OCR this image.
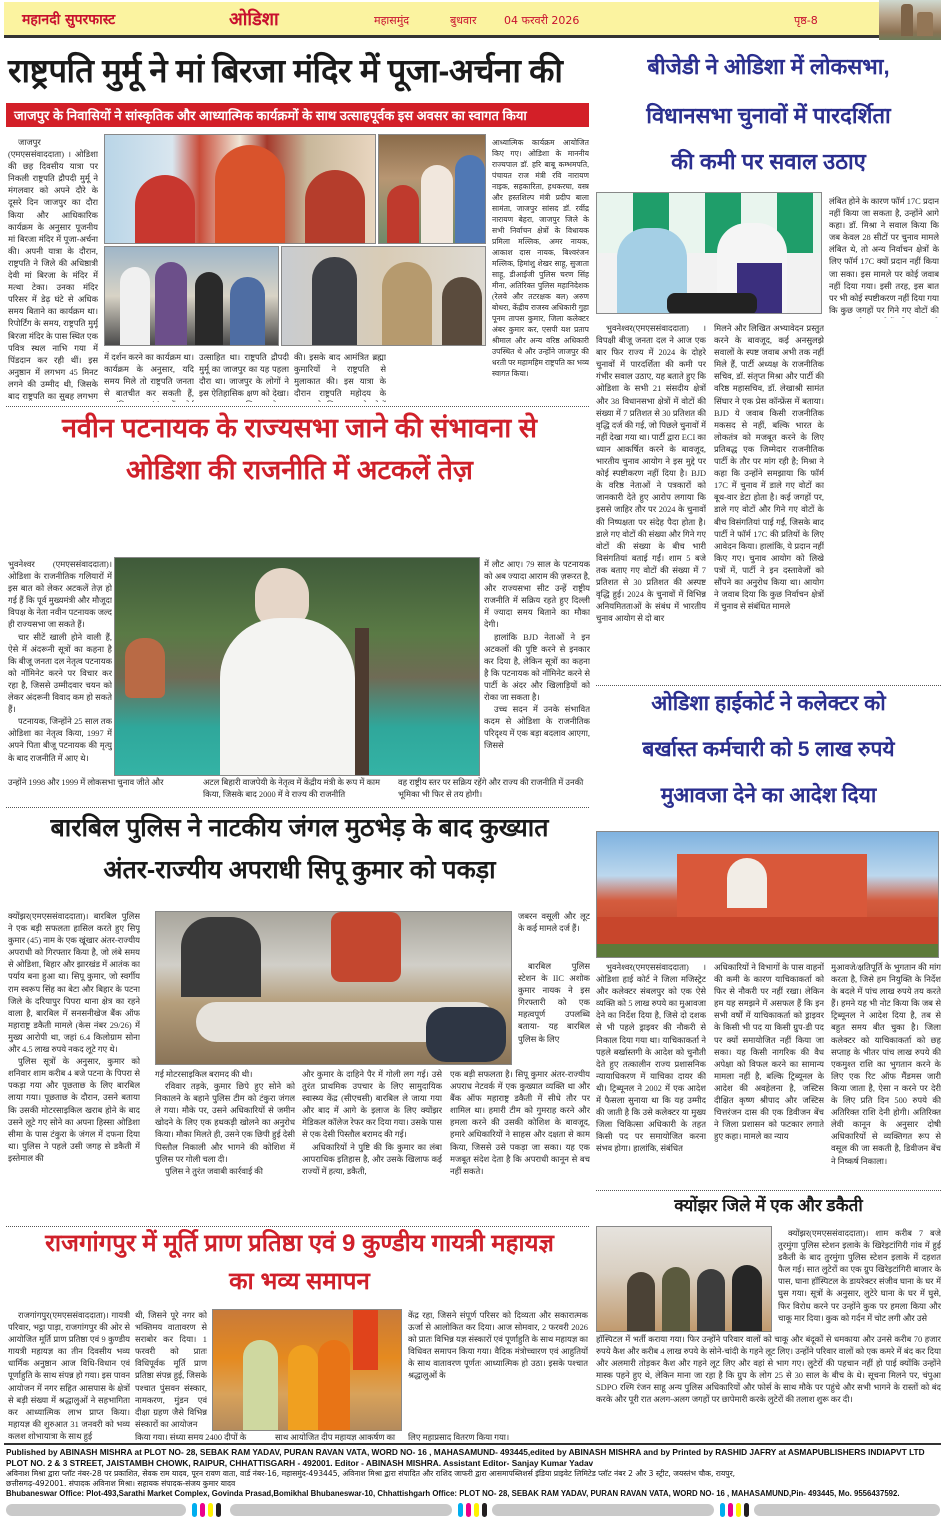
महानदी सुपरफास्ट	ओडिशा	महासमुंद	बुधवार 04 फरवरी 2026	पृष्ठ-8
राष्ट्रपति मुर्मू ने मां बिरजा मंदिर में पूजा-अर्चना की
जाजपुर के निवासियों ने सांस्कृतिक और आध्यात्मिक कार्यक्रमों के साथ उत्साहपूर्वक इस अवसर का स्वागत किया

जाजपुर (एमएससंवाददाता) । ओडिशा की छह दिवसीय यात्रा पर निकली राष्ट्रपति द्रौपदी मुर्मू ने मंगलवार को अपने दौरे के दूसरे दिन जाजपुर का दौरा किया और आधिकारिक कार्यक्रम के अनुसार पूजनीय मां बिरजा मंदिर में पूजा-अर्चना की। अपनी यात्रा के दौरान, राष्ट्रपति ने जिले की अधिष्ठात्री देवी मां बिरजा के मंदिर में मत्था टेका। उनका मंदिर परिसर में डेढ़ घंटे से अधिक समय बिताने का कार्यक्रम था। रिपोर्टिंग के समय, राष्ट्रपति मुर्मू बिरजा मंदिर के पास स्थित एक पवित्र स्थल नाभि गया में पिंडदान कर रही थीं। इस अनुष्ठान में लगभग 45 मिनट लगने की उम्मीद थी, जिसके बाद राष्ट्रपति का सुबह लगभग

में दर्शन करने का कार्यक्रम था। कार्यक्रम के अनुसार, यदि समय मिले तो राष्ट्रपति जनता से बातचीत कर सकती हैं,

उत्साहित था। राष्ट्रपति द्रौपदी मुर्मू का जाजपुर का यह पहला दौरा था। जाजपुर के लोगों ने इस ऐतिहासिक क्षण को देखा।

की। इसके बाद आमंत्रित ब्रह्मा कुमारियों ने राष्ट्रपति से मुलाकात की। इस यात्रा के दौरान राष्ट्रपति महोदय के

आध्यात्मिक कार्यक्रम आयोजित किए गए। ओडिशा के माननीय राज्यपाल डॉ. हरि बाबू कम्भमपति, पंचायत राज मंत्री रवि नारायण नाइक, सहकारिता, हथकरघा, वस्त्र और हस्तशिल्प मंत्री प्रदीप बाला सामंता, जाजपुर सांसद डॉ. रवींद्र नारायण बेहरा, जाजपुर जिले के सभी निर्वाचन क्षेत्रों के विधायक प्रमिला मल्लिक, अमर नायक, आकाश दास नायक, बिश्वरंजन मल्लिक, हिमांशु शेखर साहू, सुजाता साहू, डीआईजी पुलिस चरण सिंह मीना, अतिरिक्त पुलिस महानिदेशक (रेलवे और तटरक्षक बल) अरुण बोथरा, केंद्रीय राजस्व अधिकारी गुहा पूनम तापस कुमार, जिला कलेक्टर अंबर कुमार कर, एसपी यश प्रताप श्रीमाल और अन्य वरिष्ठ अधिकारी उपस्थित थे और उन्होंने जाजपुर की धरती पर महामहिम राष्ट्रपति का भव्य स्वागत किया।

नवीन पटनायक के राज्यसभा जाने की संभावना से
ओडिशा की राजनीति में अटकलें तेज़

भुवनेश्वर (एमएससंवाददाता)। ओडिशा के राजनीतिक गलियारों में इस बात को लेकर अटकलें तेज़ हो गई हैं कि पूर्व मुख्यमंत्री और मौजूदा विपक्ष के नेता नवीन पटनायक जल्द ही राज्यसभा जा सकते हैं।

चार सीटें खाली होने वाली हैं, ऐसे में अंदरूनी सूत्रों का कहना है कि बीजू जनता दल नेतृत्व पटनायक को नॉमिनेट करने पर विचार कर रहा है, जिससे उम्मीदवार चयन को लेकर अंदरूनी विवाद कम हो सकते हैं।

पटनायक, जिन्होंने 25 साल तक ओडिशा का नेतृत्व किया, 1997 में अपने पिता बीजू पटनायक की मृत्यु के बाद राजनीति में आए थे।

में लौट आए। 79 साल के पटनायक को अब ज्यादा आराम की ज़रूरत है, और राज्यसभा सीट उन्हें राष्ट्रीय राजनीति में सक्रिय रहते हुए दिल्ली में ज्यादा समय बिताने का मौका देगी।

हालांकि BJD नेताओं ने इन अटकलों की पुष्टि करने से इनकार कर दिया है, लेकिन सूत्रों का कहना है कि पटनायक को नॉमिनेट करने से पार्टी के अंदर और खिलाड़ियों को रोका जा सकता है।

उच्च सदन में उनके संभावित कदम से ओडिशा के राजनीतिक परिदृश्य में एक बड़ा बदलाव आएगा, जिससे

उन्होंने 1998 और 1999 में लोकसभा चुनाव जीते और	अटल बिहारी वाजपेयी के नेतृत्व में केंद्रीय मंत्री के रूप में काम किया, जिसके बाद 2000 में वे राज्य की राजनीति
वह राष्ट्रीय स्तर पर सक्रिय रहेंगे और राज्य की राजनीति में उनकी भूमिका भी फिर से तय होगी।
बारबिल पुलिस ने नाटकीय जंगल मुठभेड़ के बाद कुख्यात
अंतर-राज्यीय अपराधी सिपू कुमार को पकड़ा

क्योंझर(एमएससंवाददाता)। बारबिल पुलिस ने एक बड़ी सफलता हासिल करते हुए सिपू कुमार (45) नाम के एक खूंखार अंतर-राज्यीय अपराधी को गिरफ्तार किया है, जो लंबे समय से ओडिशा, बिहार और झारखंड में आतंक का पर्याय बना हुआ था। सिपू कुमार, जो स्वर्गीय राम स्वरूप सिंह का बेटा और बिहार के पटना जिले के दरियापुर पिपरा थाना क्षेत्र का रहने वाला है, बारबिल में सनसनीखेज बैंक ऑफ महाराष्ट्र डकैती मामले (केस नंबर 29/26) में मुख्य आरोपी था, जहां 6.4 किलोग्राम सोना और 4.5 लाख रुपये नकद लूटे गए थे।

पुलिस सूत्रों के अनुसार, कुमार को शनिवार शाम करीब 4 बजे पटना के पिपरा से पकड़ा गया और पूछताछ के लिए बारबिल लाया गया। पूछताछ के दौरान, उसने बताया कि उसकी मोटरसाइकिल खराब होने के बाद उसने लूटे गए सोने का अपना हिस्सा ओडिशा सीमा के पास टंकुरा के जंगल में दफना दिया था। पुलिस ने पहले उसी जगह से डकैती में इस्तेमाल की

जबरन वसूली और लूट के कई मामले दर्ज हैं।

बारबिल पुलिस स्टेशन के IIC अशोक कुमार नायक ने इस गिरफ्तारी को एक महत्वपूर्ण उपलब्धि बताया- यह बारबिल पुलिस के लिए

गई मोटरसाइकिल बरामद की थी।

रविवार तड़के, कुमार छिपे हुए सोने को निकालने के बहाने पुलिस टीम को टंकुरा जंगल ले गया। मौके पर, उसने अधिकारियों से जमीन खोदने के लिए एक हथकड़ी खोलने का अनुरोध किया। मौका मिलते ही, उसने एक छिपी हुई देसी पिस्तौल निकाली और भागने की कोशिश में पुलिस पर गोली चला दी।

पुलिस ने तुरंत जवाबी कार्रवाई की

और कुमार के दाहिने पैर में गोली लग गई। उसे तुरंत प्राथमिक उपचार के लिए सामुदायिक स्वास्थ्य केंद्र (सीएचसी) बारबिल ले जाया गया और बाद में आगे के इलाज के लिए क्योंझर मेडिकल कॉलेज रेफर कर दिया गया। उसके पास से एक देसी पिस्तौल बरामद की गई।

अधिकारियों ने पुष्टि की कि कुमार का लंबा आपराधिक इतिहास है, और उसके खिलाफ कई राज्यों में हत्या, डकैती,

एक बड़ी सफलता है। सिपू कुमार अंतर-राज्यीय अपराध नेटवर्क में एक कुख्यात व्यक्ति था और बैंक ऑफ महाराष्ट्र डकैती में सीधे तौर पर शामिल था। हमारी टीम को गुमराह करने और हमला करने की उसकी कोशिश के बावजूद, हमारे अधिकारियों ने साहस और दक्षता से काम किया, जिससे उसे पकड़ा जा सका। यह एक मजबूत संदेश देता है कि अपराधी कानून से बच नहीं सकते।

राजगांगपुर में मूर्ति प्राण प्रतिष्ठा एवं 9 कुण्डीय गायत्री महायज्ञ
का भव्य समापन

राजगांगपुर(एमएससंवाददाता)। गायत्री परिवार, भट्ठा पाड़ा, राजगांगपुर की ओर से आयोजित मूर्ति प्राण प्रतिष्ठा एवं 9 कुण्डीय गायत्री महायज्ञ का तीन दिवसीय भव्य धार्मिक अनुष्ठान आज विधि-विधान एवं पूर्णाहुति के साथ संपन्न हो गया। इस पावन आयोजन में नगर सहित आसपास के क्षेत्रों से बड़ी संख्या में श्रद्धालुओं ने सहभागिता कर आध्यात्मिक लाभ प्राप्त किया। महायज्ञ की शुरुआत 31 जनवरी को भव्य कलश शोभायात्रा के साथ हुई

थी, जिसने पूरे नगर को भक्तिमय वातावरण से सराबोर कर दिया। 1 फरवरी को प्रातः विधिपूर्वक मूर्ति प्राण प्रतिष्ठा संपन्न हुई, जिसके पश्चात पुंसवन संस्कार, नामकरण, मुंडन एवं दीक्षा ग्रहण जैसे विभिन्न संस्कारों का आयोजन

केंद्र रहा, जिसने संपूर्ण परिसर को दिव्यता और सकारात्मक ऊर्जा से आलोकित कर दिया। आज सोमवार, 2 फरवरी 2026 को प्रातः विभिन्न यज्ञ संस्कारों एवं पूर्णाहुति के साथ महायज्ञ का विधिवत समापन किया गया। वैदिक मंत्रोच्चारण एवं आहुतियों के साथ वातावरण पूर्णतः आध्यात्मिक हो उठा। इसके पश्चात श्रद्धालुओं के

किया गया। संध्या समय 2400 दीपों के	साथ आयोजित दीप महायज्ञ आकर्षण का	लिए महाप्रसाद वितरण किया गया।
बीजेडी ने ओडिशा में लोकसभा,
विधानसभा चुनावों में पारदर्शिता
की कमी पर सवाल उठाए

लंबित होने के कारण फॉर्म 17C प्रदान नहीं किया जा सकता है, उन्होंने आगे कहा। डॉ. मिश्रा ने सवाल किया कि जब केवल 28 सीटों पर चुनाव मामले लंबित थे, तो अन्य निर्वाचन क्षेत्रों के लिए फॉर्म 17C क्यों प्रदान नहीं किया जा सका। इस मामले पर कोई जवाब नहीं दिया गया। इसी तरह, इस बात पर भी कोई स्पष्टीकरण नहीं दिया गया कि कुछ जगहों पर गिने गए वोटों की

भुवनेश्वर(एमएससंवाददाता) । विपक्षी बीजू जनता दल ने आज एक बार फिर राज्य में 2024 के दोहरे चुनावों में पारदर्शिता की कमी पर गंभीर सवाल उठाए, यह बताते हुए कि ओडिशा के सभी 21 संसदीय क्षेत्रों और 38 विधानसभा क्षेत्रों में वोटों की संख्या में 7 प्रतिशत से 30 प्रतिशत की वृद्धि दर्ज की गई, जो पिछले चुनावों में नहीं देखा गया था। पार्टी द्वारा ECI का ध्यान आकर्षित करने के बावजूद, भारतीय चुनाव आयोग ने इस मुद्दे पर कोई स्पष्टीकरण नहीं दिया है। BJD के वरिष्ठ नेताओं ने पत्रकारों को जानकारी देते हुए आरोप लगाया कि इससे जाहिर तौर पर 2024 के चुनावों की निष्पक्षता पर संदेह पैदा होता है। डाले गए वोटों की संख्या और गिने गए वोटों की संख्या के बीच भारी विसंगतियां बताई गईं। शाम 5 बजे तक बताए गए वोटों की संख्या में 7 प्रतिशत से 30 प्रतिशत की अस्पष्ट वृद्धि हुई। 2024 के चुनावों में विभिन्न अनियमितताओं के संबंध में भारतीय चुनाव आयोग से दो बार

मिलने और लिखित अभ्यावेदन प्रस्तुत करने के बावजूद, कई अनसुलझे सवालों के स्पष्ट जवाब अभी तक नहीं मिले हैं, पार्टी अध्यक्ष के राजनीतिक सचिव, डॉ. संतृप्त मिश्रा और पार्टी की वरिष्ठ महासचिव, डॉ. लेखाश्री सामंत सिंघार ने एक प्रेस कॉन्फ्रेंस में बताया। BJD ये जवाब किसी राजनीतिक मकसद से नहीं, बल्कि भारत के लोकतंत्र को मजबूत करने के लिए प्रतिबद्ध एक जिम्मेदार राजनीतिक पार्टी के तौर पर मांग रही है; मिश्रा ने कहा कि उन्होंने समझाया कि फॉर्म 17C में चुनाव में डाले गए वोटों का बूथ-वार डेटा होता है। कई जगहों पर, डाले गए वोटों और गिने गए वोटों के बीच विसंगतियां पाई गईं, जिसके बाद पार्टी ने फॉर्म 17C की प्रतियों के लिए आवेदन किया। हालांकि, ये प्रदान नहीं किए गए। चुनाव आयोग को लिखे पत्रों में, पार्टी ने इन दस्तावेजों को सौंपने का अनुरोध किया था। आयोग ने जवाब दिया कि कुछ निर्वाचन क्षेत्रों में चुनाव से संबंधित मामले

ओडिशा हाईकोर्ट ने कलेक्टर को
बर्खास्त कर्मचारी को 5 लाख रुपये
मुआवजा देने का आदेश दिया

भुवनेश्वर(एमएससंवाददाता) । ओडिशा हाई कोर्ट ने जिला मजिस्ट्रेट और कलेक्टर संबलपुर को एक ऐसे व्यक्ति को 5 लाख रुपये का मुआवजा देने का निर्देश दिया है, जिसे दो दशक से भी पहले ड्राइवर की नौकरी से निकाल दिया गया था। याचिकाकर्ता ने पहले बर्खास्तगी के आदेश को चुनौती देते हुए तत्कालीन राज्य प्रशासनिक न्यायाधिकरण में याचिका दायर की थी। ट्रिब्यूनल ने 2002 में एक आदेश में फैसला सुनाया था कि यह उम्मीद की जाती है कि उसे कलेक्टर या मुख्य जिला चिकित्सा अधिकारी के तहत किसी पद पर समायोजित करना संभव होगा। हालांकि, संबंधित

अधिकारियों ने विभागों के पास वाहनों की कमी के कारण याचिकाकर्ता को फिर से नौकरी पर नहीं रखा। लेकिन हम यह समझने में असफल हैं कि इन सभी वर्षों में याचिकाकर्ता को ड्राइवर के किसी भी पद या किसी ग्रुप-डी पद पर क्यों समायोजित नहीं किया जा सका। यह किसी नागरिक की वैध अपेक्षा को विफल करने का सामान्य मामला नहीं है, बल्कि ट्रिब्यूनल के आदेश की अवहेलना है, जस्टिस दीक्षित कृष्ण श्रीपाद और जस्टिस चित्तरंजन दास की एक डिवीजन बेंच ने जिला प्रशासन को फटकार लगाते हुए कहा। मामले का न्याय

मुआवजे/क्षतिपूर्ति के भुगतान की मांग करता है, जिसे हम नियुक्ति के निर्देश के बदले में पांच लाख रुपये तय करते हैं। हमने यह भी नोट किया कि जब से ट्रिब्यूनल ने आदेश दिया है, तब से बहुत समय बीत चुका है। जिला कलेक्टर को याचिकाकर्ता को छह सप्ताह के भीतर पांच लाख रुपये की एकमुश्त राशि का भुगतान करने के लिए एक रिट ऑफ मैंडमस जारी किया जाता है, ऐसा न करने पर देरी के लिए प्रति दिन 500 रुपये की अतिरिक्त राशि देनी होगी। अतिरिक्त लेवी कानून के अनुसार दोषी अधिकारियों से व्यक्तिगत रूप से वसूल की जा सकती है, डिवीजन बेंच ने निष्कर्ष निकाला।

क्योंझर जिले में एक और डकैती

क्योंझर(एमएससंवाददाता)। शाम करीब 7 बजे तुरमुंगा पुलिस स्टेशन इलाके के खिरेइटांगिरी गांव में हुई डकैती के बाद तुरमुंगा पुलिस स्टेशन इलाके में दहशत फैल गई। सात लुटेरों का एक ग्रुप खिरेइटांगिरी बाजार के पास, घाना हॉस्पिटल के डायरेक्टर संजीव घाना के घर में घुस गया। सूत्रों के अनुसार, लुटेरे घाना के घर में घुसे, फिर विरोध करने पर उन्होंने कुक पर हमला किया और चाकू मार दिया। कुक को गर्दन में चोट लगी और उसे

हॉस्पिटल में भर्ती कराया गया। फिर उन्होंने परिवार वालों को चाकू और बंदूकों से धमकाया और उनसे करीब 70 हजार रुपये कैश और करीब 4 लाख रुपये के सोने-चांदी के गहने लूट लिए। उन्होंने परिवार वालों को एक कमरे में बंद कर दिया और अलमारी तोड़कर कैश और गहने लूट लिए और वहां से भाग गए। लुटेरों की पहचान नहीं हो पाई क्योंकि उन्होंने मास्क पहने हुए थे, लेकिन माना जा रहा है कि ग्रुप के लोग 25 से 30 साल के बीच के थे। सूचना मिलने पर, चंपुआ SDPO रश्मि रंजन साहू अन्य पुलिस अधिकारियों और फोर्स के साथ मौके पर पहुंचे और सभी भागने के रास्तों को बंद करके और पूरी रात अलग-अलग जगहों पर छापेमारी करके लुटेरों की तलाश शुरू कर दी।

Published by ABINASH MISHRA at PLOT NO- 28, SEBAK RAM YADAV, PURAN RAVAN VATA, WORD NO- 16 , MAHASAMUND- 493445,edited by ABINASH MISHRA and by Printed by RASHID JAFRY at ASMAPUBLISHERS INDIAPVT LTD
PLOT NO. 2 & 3 STREET, JAISTAMBH CHOWK, RAIPUR, CHHATTISGARH - 492001. Editor - ABINASH MISHRA. Assistant Editor- Sanjay Kumar Yadav
अविनाश मिश्रा द्वारा प्लॉट नंबर-28 पर प्रकाशित, सेवक राम यादव, पूरन रावण वाता, वार्ड नंबर-16, महासमुंद-493445, अविनाश मिश्रा द्वारा संपादित और राशिद जाफरी द्वारा आसमापब्लिशर्स इंडिया प्राइवेट लिमिटेड प्लॉट नंबर 2 और 3 स्ट्रीट, जयस्तंभ चौक, रायपुर,
छत्तीसगढ़-492001. संपादक अविनाश मिश्रा। सहायक संपादक-संजय कुमार यादव
Bhubaneswar Office: Plot-493,Sarathi Market Complex, Govinda Prasad,Bomikhal Bhubaneswar-10, Chhattishgarh Office: PLOT NO- 28, SEBAK RAM YADAV, PURAN RAVAN VATA, WORD NO- 16 , MAHASAMUND,Pin- 493445, Mo. 9556437592.
